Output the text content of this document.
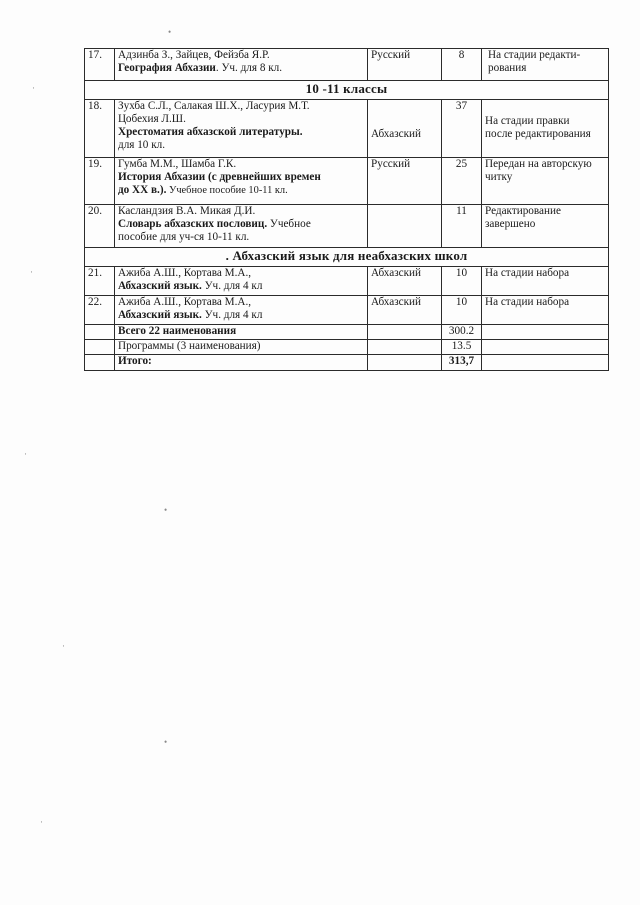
17.	Адзинба З., Зайцев, Фейзба Я.Р.
География Абхазии. Уч. для 8 кл.	Русский	8	На стадии редакти-
рования

10 -11 классы				
18.	Зухба С.Л., Салакая Ш.Х., Ласурия М.Т.
Цобехия Л.Ш.
Хрестоматия абхазской литературы.
для 10 кл.	Абхазский	37	На стадии правки
после редактирования

19.	Гумба М.М., Шамба Г.К.
История Абхазии (с древнейших времен
до XX в.). Учебное пособие 10-11 кл.	Русский	25	Передан на авторскую
читку

20.	Касландзия В.А. Микая Д.И.
Словарь абхазских пословиц. Учебное
пособие для уч-ся 10-11 кл.		11	Редактирование
завершено

. Абхазский язык для неабхазских школ				
21.	Ажиба А.Ш., Кортава М.А.,
Абхазский язык. Уч. для 4 кл	Абхазский	10	На стадии набора
22.	Ажиба А.Ш., Кортава М.А.,
Абхазский язык. Уч. для 4 кл	Абхазский	10	На стадии набора
	Всего 22 наименования		300.2	
	Программы (3 наименования)		13.5	
	Итого:		313,7	
•
·
·
·
•
·
•
·
